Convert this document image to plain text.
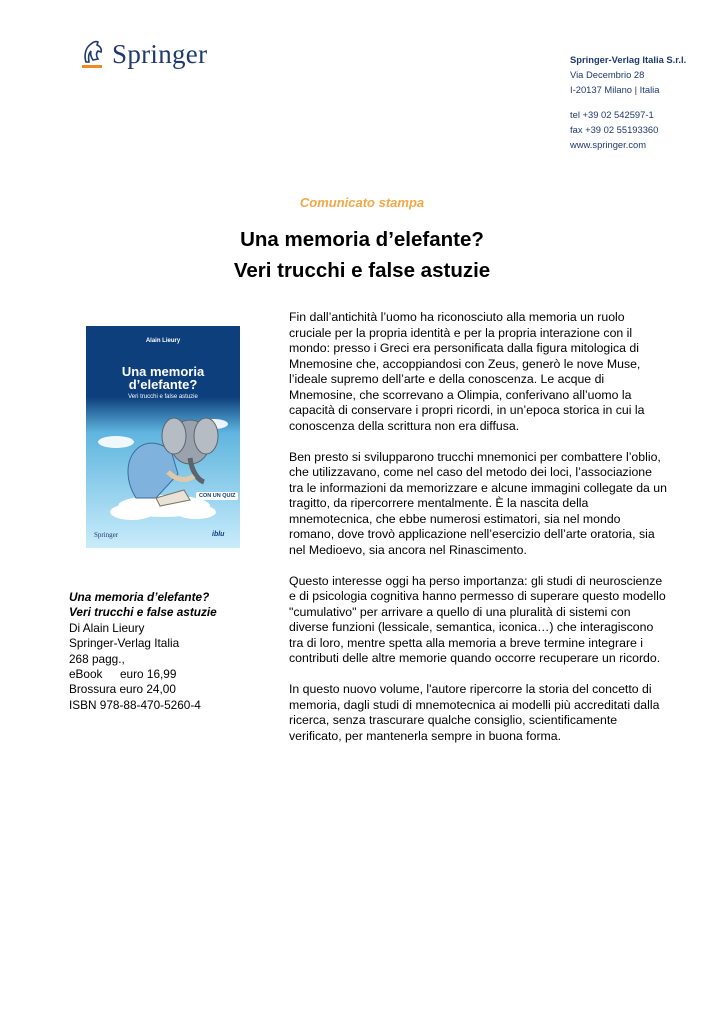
Springer	Springer-Verlag Italia S.r.l.
Via Decembrio 28
I-20137 Milano | Italia
tel +39 02 542597-1
fax +39 02 55193360
www.springer.com
Comunicato stampa
Una memoria d’elefante?
Veri trucchi e false astuzie
Alain Lieury
Una memoria
d’elefante?
Veri trucchi e false astuzie
CON UN QUIZ
Springer	iblu
Una memoria d’elefante?
Veri trucchi e false astuzie
Di Alain Lieury
Springer-Verlag Italia
268 pagg.,
eBook euro 16,99
Brossura euro 24,00
ISBN 978-88-470-5260-4

Fin dall’antichità l’uomo ha riconosciuto alla memoria un ruolo cruciale per la propria identità e per la propria interazione con il mondo: presso i Greci era personificata dalla figura mitologica di Mnemosine che, accoppiandosi con Zeus, generò le nove Muse, l’ideale supremo dell’arte e della conoscenza. Le acque di Mnemosine, che scorrevano a Olimpia, conferivano all’uomo la capacità di conservare i propri ricordi, in un’epoca storica in cui la conoscenza della scrittura non era diffusa.

Ben presto si svilupparono trucchi mnemonici per combattere l’oblio, che utilizzavano, come nel caso del metodo dei loci, l’associazione tra le informazioni da memorizzare e alcune immagini collegate da un tragitto, da ripercorrere mentalmente. È la nascita della mnemotecnica, che ebbe numerosi estimatori, sia nel mondo romano, dove trovò applicazione nell’esercizio dell’arte oratoria, sia nel Medioevo, sia ancora nel Rinascimento.

Questo interesse oggi ha perso importanza: gli studi di neuroscienze e di psicologia cognitiva hanno permesso di superare questo modello "cumulativo" per arrivare a quello di una pluralità di sistemi con diverse funzioni (lessicale, semantica, iconica…) che interagiscono tra di loro, mentre spetta alla memoria a breve termine integrare i contributi delle altre memorie quando occorre recuperare un ricordo.

In questo nuovo volume, l'autore ripercorre la storia del concetto di memoria, dagli studi di mnemotecnica ai modelli più accreditati dalla ricerca, senza trascurare qualche consiglio, scientificamente verificato, per mantenerla sempre in buona forma.
